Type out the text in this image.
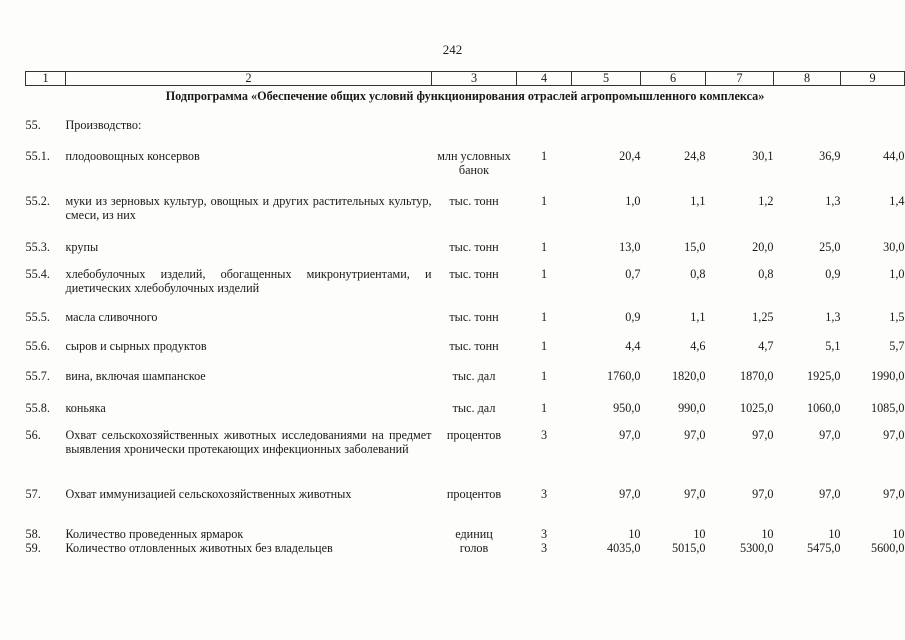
242
1	2	3	4	5	6	7	8	9
Подпрограмма «Обеспечение общих условий функционирования отраслей агропромышленного комплекса»								
55.	Производство:							
55.1.	плодоовощных консервов	млн условных банок	1	20,4	24,8	30,1	36,9	44,0
55.2.	муки из зерновых культур, овощных и других растительных культур, смеси, из них	тыс. тонн	1	1,0	1,1	1,2	1,3	1,4
55.3.	крупы	тыс. тонн	1	13,0	15,0	20,0	25,0	30,0
55.4.	хлебобулочных изделий, обогащенных микронутриентами, и диетических хлебобулочных изделий	тыс. тонн	1	0,7	0,8	0,8	0,9	1,0
55.5.	масла сливочного	тыс. тонн	1	0,9	1,1	1,25	1,3	1,5
55.6.	сыров и сырных продуктов	тыс. тонн	1	4,4	4,6	4,7	5,1	5,7
55.7.	вина, включая шампанское	тыс. дал	1	1760,0	1820,0	1870,0	1925,0	1990,0
55.8.	коньяка	тыс. дал	1	950,0	990,0	1025,0	1060,0	1085,0
56.	Охват сельскохозяйственных животных исследованиями на предмет выявления хронически протекающих инфекционных заболеваний	процентов	3	97,0	97,0	97,0	97,0	97,0
57.	Охват иммунизацией сельскохозяйственных животных	процентов	3	97,0	97,0	97,0	97,0	97,0
58.	Количество проведенных ярмарок	единиц	3	10	10	10	10	10
59.	Количество отловленных животных без владельцев	голов	3	4035,0	5015,0	5300,0	5475,0	5600,0
